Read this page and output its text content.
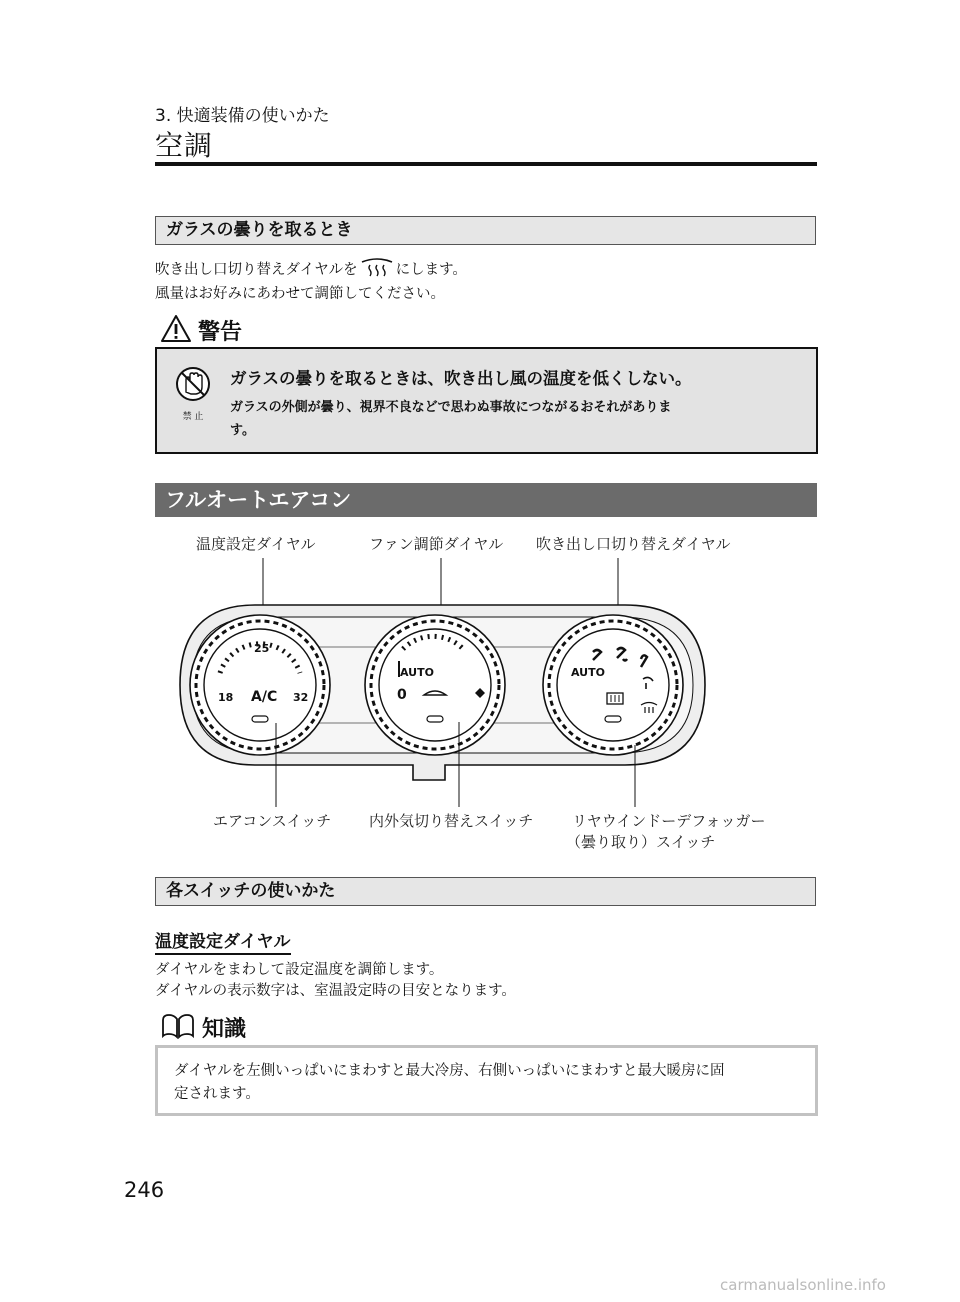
3. 快適装備の使いかた
空調
ガラスの曇りを取るとき
吹き出し口切り替えダイヤルを	にします。
風量はお好みにあわせて調節してください。
警告
禁 止
ガラスの曇りを取るときは、吹き出し風の温度を低くしない。
ガラスの外側が曇り、視界不良などで思わぬ事故につながるおそれがありま
す。
フルオートエアコン
温度設定ダイヤル	ファン調節ダイヤル 吹き出し口切り替えダイヤル
25
18	32
A/C
AUTO
0
AUTO
エアコンスイッチ	内外気切り替えスイッチ	リヤウインドーデフォッガー
（曇り取り）スイッチ
各スイッチの使いかた
温度設定ダイヤル
ダイヤルをまわして設定温度を調節します。
ダイヤルの表示数字は、室温設定時の目安となります。
知識
ダイヤルを左側いっぱいにまわすと最大冷房、右側いっぱいにまわすと最大暖房に固
定されます。
246
carmanualsonline.info
